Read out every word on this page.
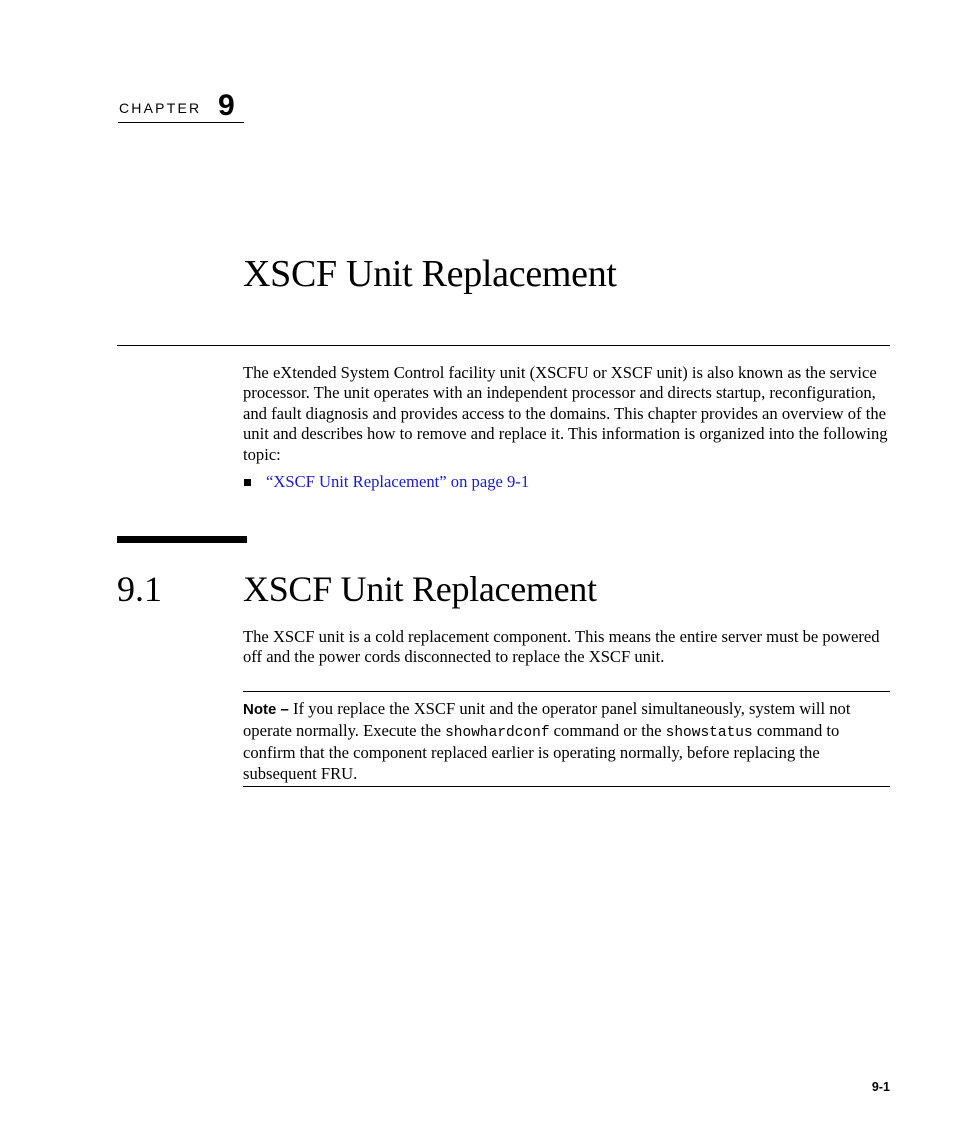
CHAPTER 9
XSCF Unit Replacement

The eXtended System Control facility unit (XSCFU or XSCF unit) is also known as the service processor. The unit operates with an independent processor and directs startup, reconfiguration, and fault diagnosis and provides access to the domains. This chapter provides an overview of the unit and describes how to remove and replace it. This information is organized into the following topic:

“XSCF Unit Replacement” on page 9-1
9.1 XSCF Unit Replacement

The XSCF unit is a cold replacement component. This means the entire server must be powered off and the power cords disconnected to replace the XSCF unit.

Note – If you replace the XSCF unit and the operator panel simultaneously, system will not operate normally. Execute the showhardconf command or the showstatus command to confirm that the component replaced earlier is operating normally, before replacing the subsequent FRU.

9-1
